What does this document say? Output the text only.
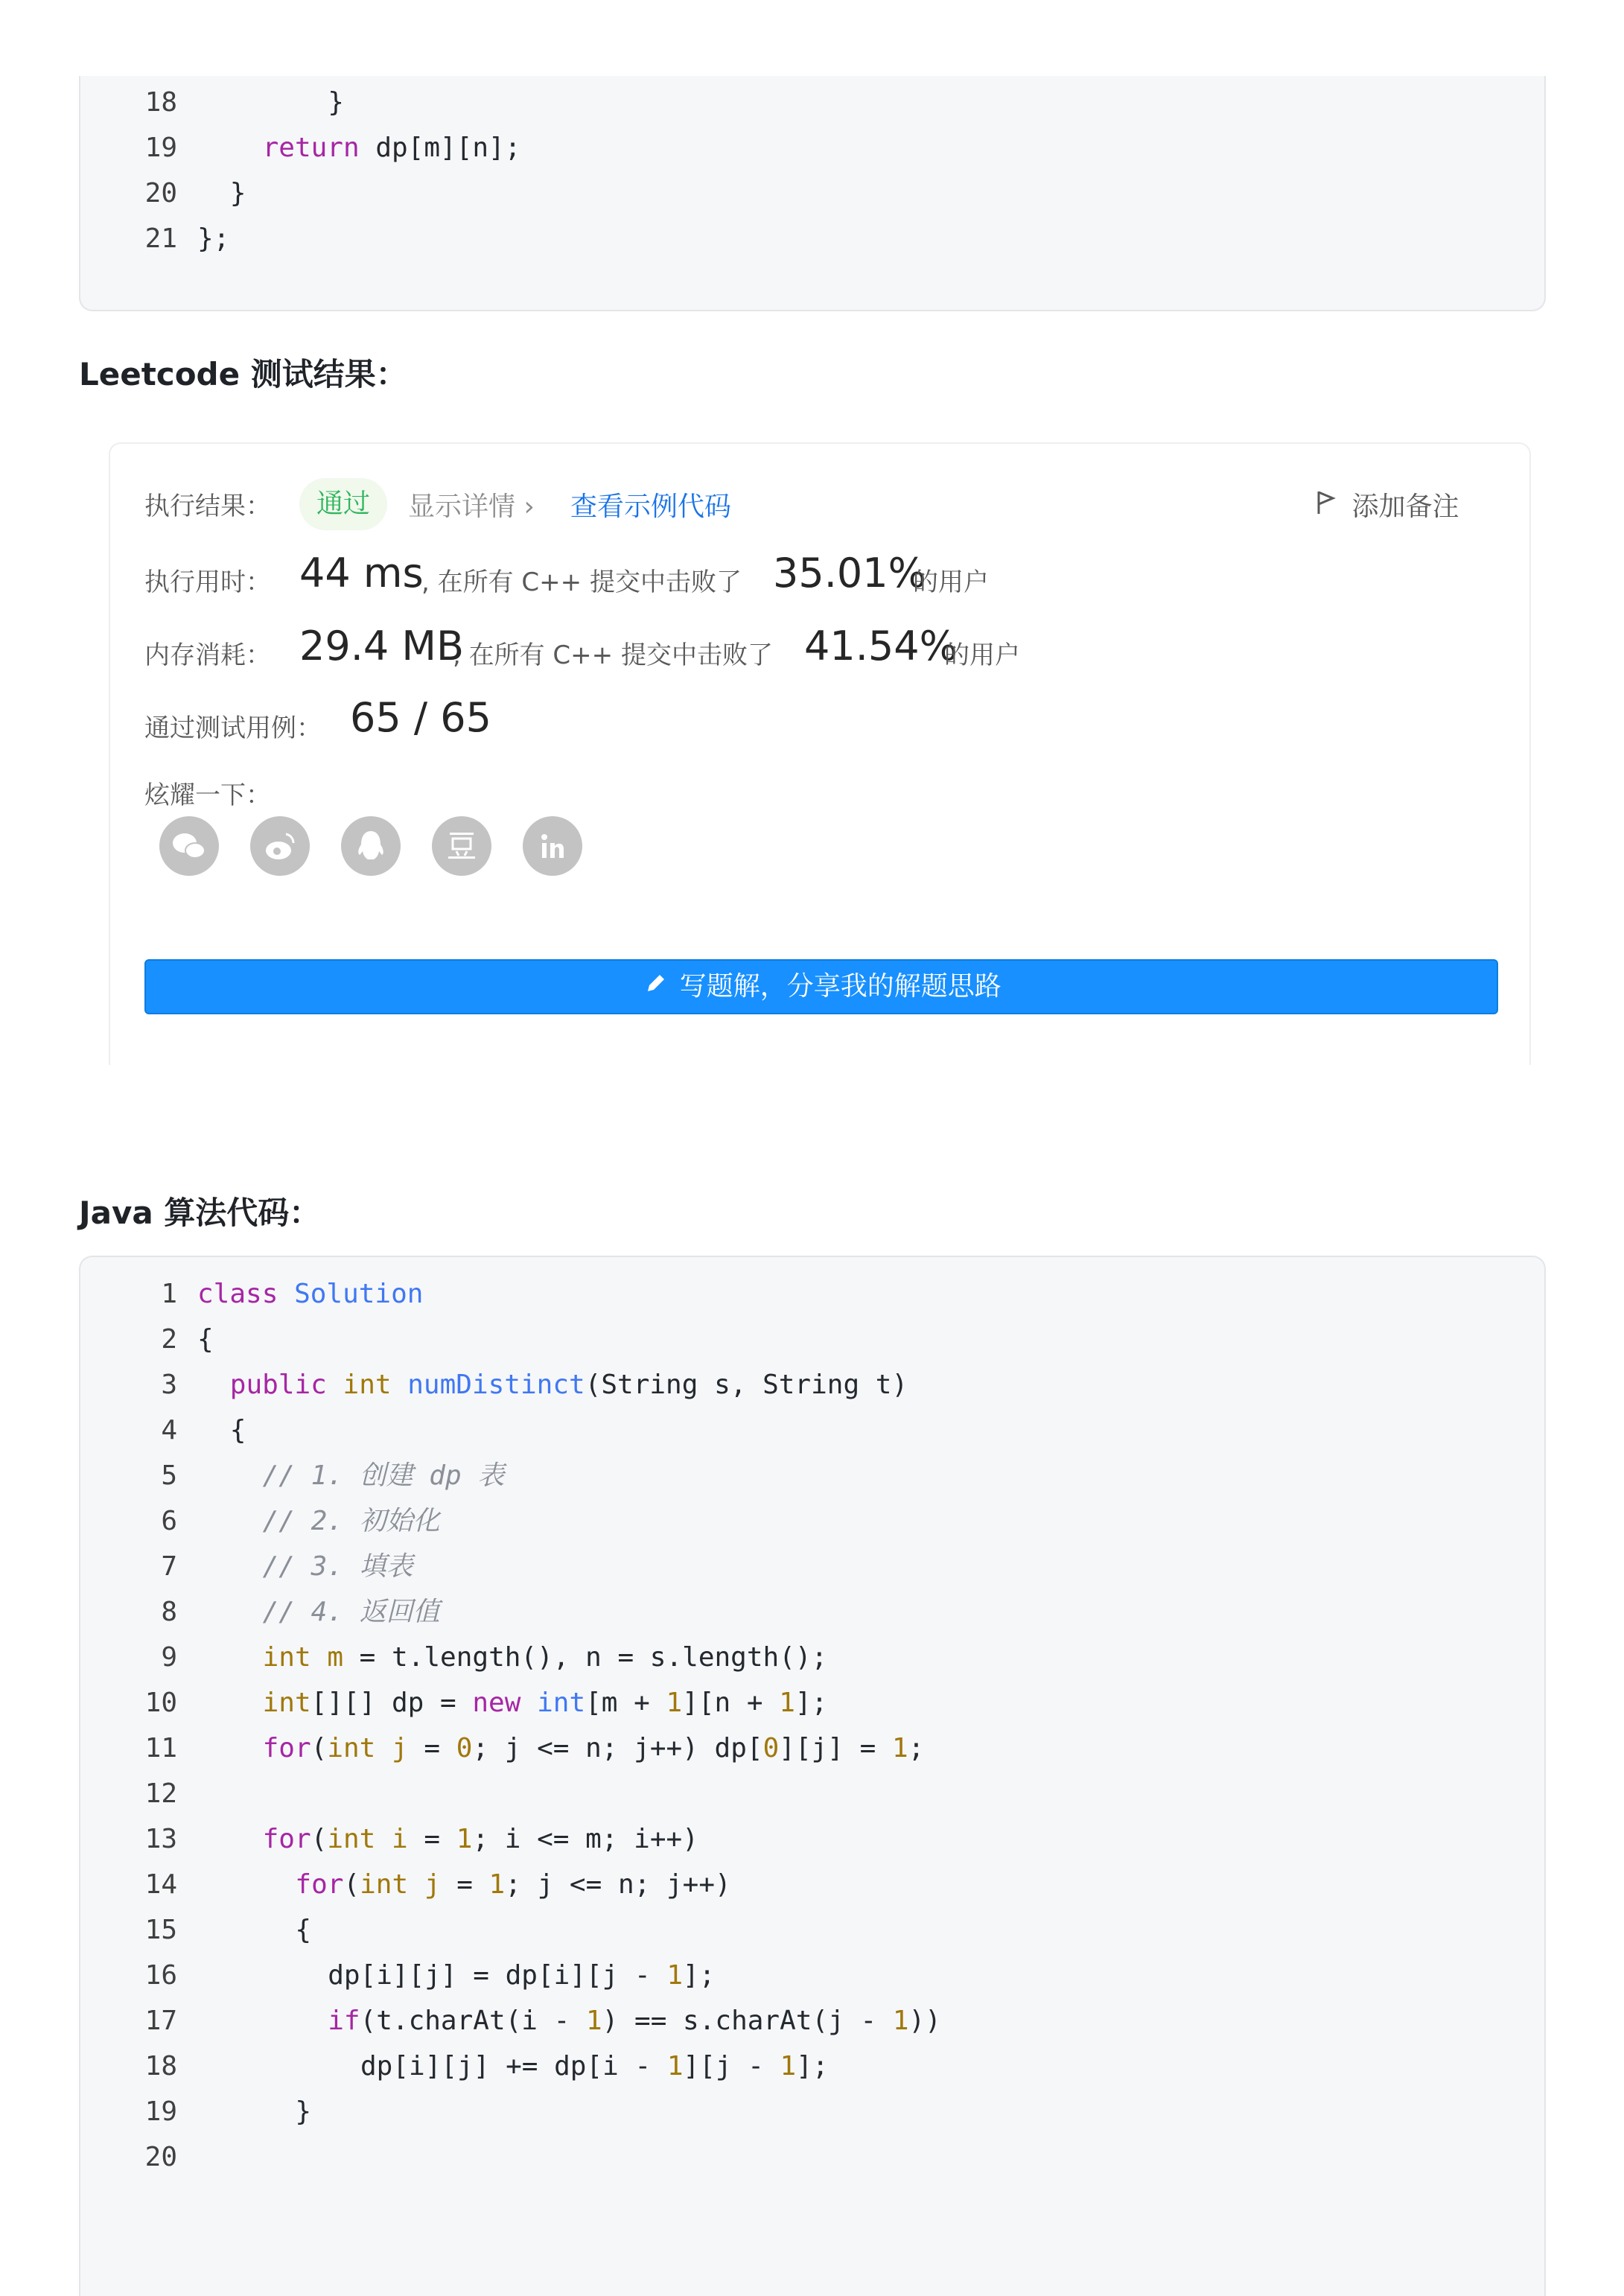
18	}
19	return dp[m][n];
20 }
21 };
Leetcode 测试结果：
执行结果：	通过	显示详情 › 查看示例代码	添加备注
执行用时： 44 ms
, 在所有 C++ 提交中击败了 35.01%
的用户
内存消耗： 29.4 MB
, 在所有 C++ 提交中击败了 41.54%
的用户
通过测试用例： 65 / 65
炫耀一下：
写题解，分享我的解题思路
Java 算法代码：
1 class Solution
2 {
3 public int numDistinct(String s, String t)
4 {
5	// 1. 创建 dp 表
6	// 2. 初始化
7	// 3. 填表
8	// 4. 返回值
9	int m = t.length(), n = s.length();
10	int[][] dp = new int[m + 1][n + 1];
11	for(int j = 0; j <= n; j++) dp[0][j] = 1;
12
13	for(int i = 1; i <= m; i++)
14	for(int j = 1; j <= n; j++)
15	{
16	dp[i][j] = dp[i][j - 1];
17	if(t.charAt(i - 1) == s.charAt(j - 1))
18	dp[i][j] += dp[i - 1][j - 1];
19	}
20
